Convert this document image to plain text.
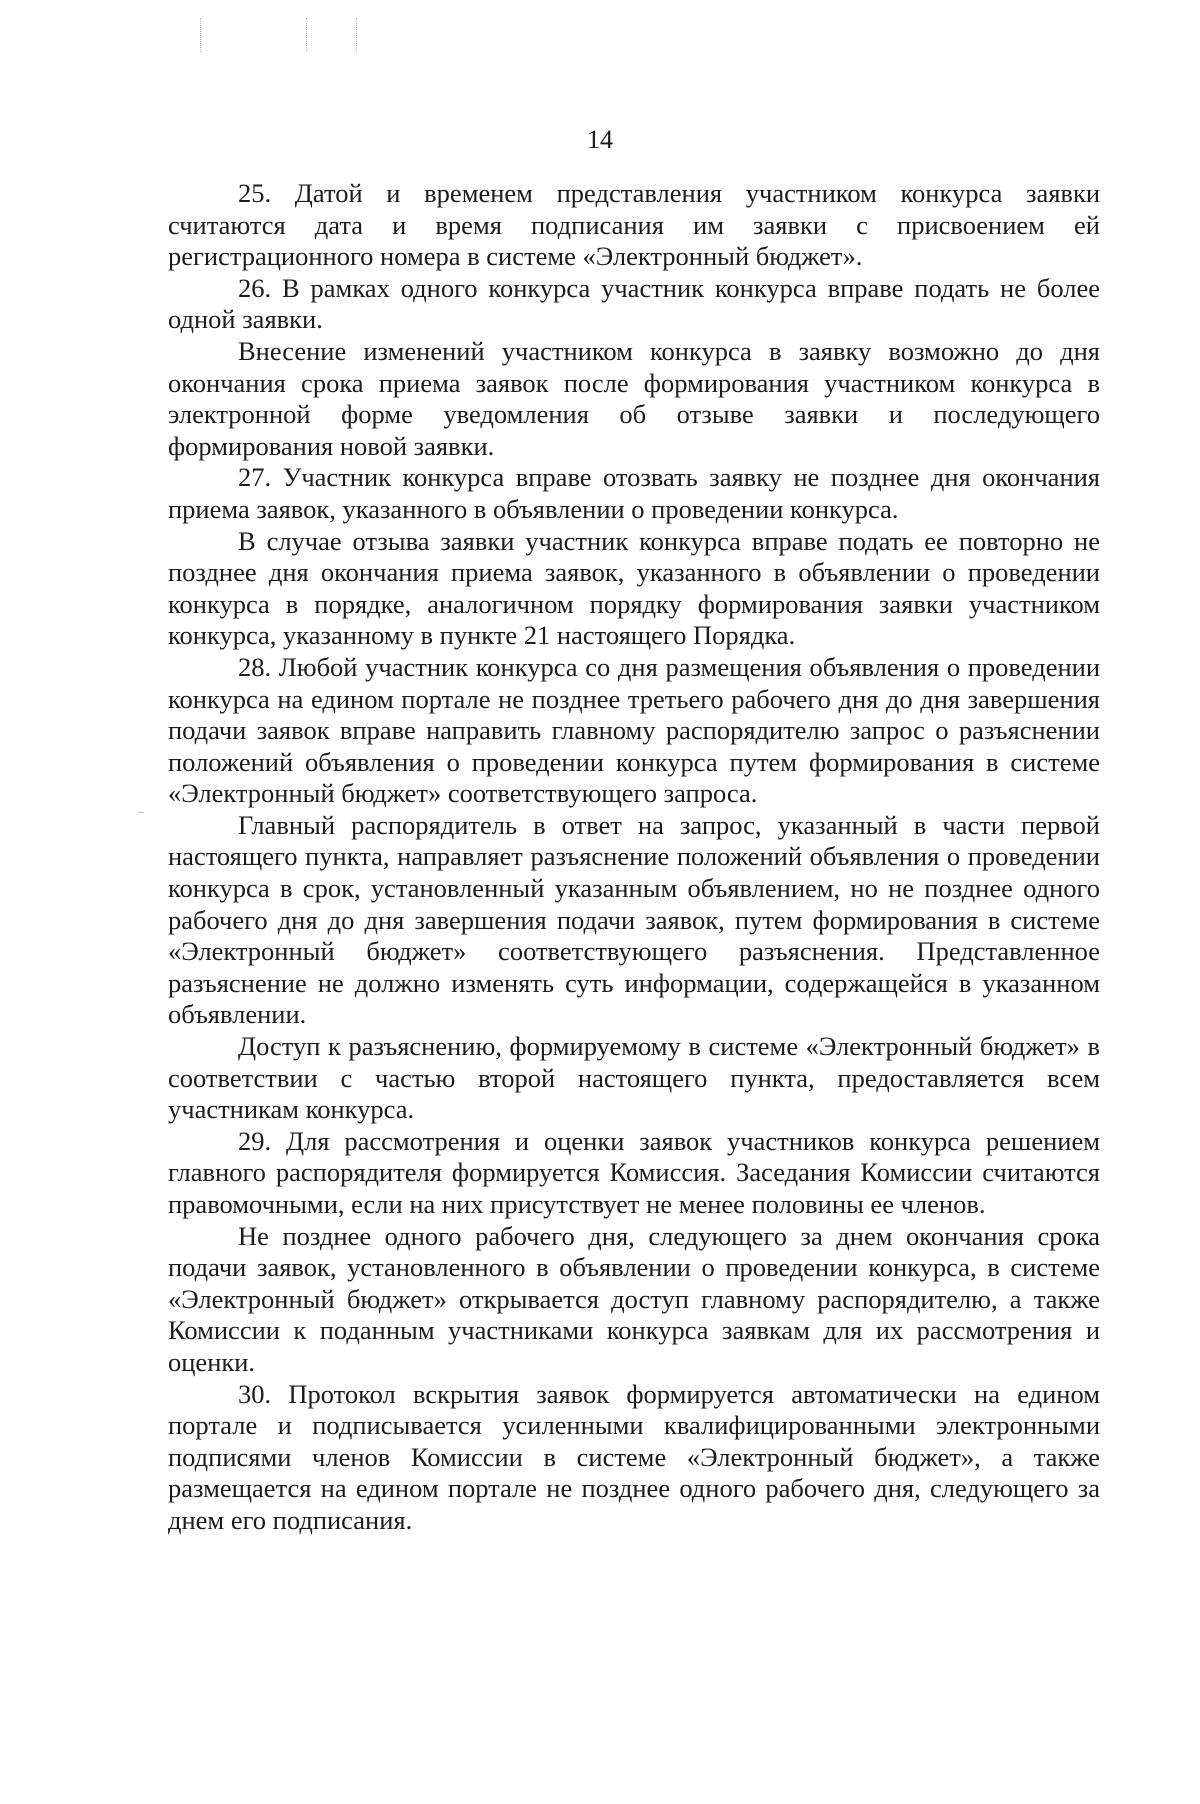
14

25. Датой и временем представления участником конкурса заявки считаются дата и время подписания им заявки с присвоением ей регистрационного номера в системе «Электронный бюджет».

26. В рамках одного конкурса участник конкурса вправе подать не более одной заявки.

Внесение изменений участником конкурса в заявку возможно до дня окончания срока приема заявок после формирования участником конкурса в электронной форме уведомления об отзыве заявки и последующего формирования новой заявки.

27. Участник конкурса вправе отозвать заявку не позднее дня окончания приема заявок, указанного в объявлении о проведении конкурса.

В случае отзыва заявки участник конкурса вправе подать ее повторно не позднее дня окончания приема заявок, указанного в объявлении о проведении конкурса в порядке, аналогичном порядку формирования заявки участником конкурса, указанному в пункте 21 настоящего Порядка.

28. Любой участник конкурса со дня размещения объявления о проведении конкурса на едином портале не позднее третьего рабочего дня до дня завершения подачи заявок вправе направить главному распорядителю запрос о разъяснении положений объявления о проведении конкурса путем формирования в системе «Электронный бюджет» соответствующего запроса.

Главный распорядитель в ответ на запрос, указанный в части первой настоящего пункта, направляет разъяснение положений объявления о проведении конкурса в срок, установленный указанным объявлением, но не позднее одного рабочего дня до дня завершения подачи заявок, путем формирования в системе «Электронный бюджет» соответствующего разъяснения. Представленное разъяснение не должно изменять суть информации, содержащейся в указанном объявлении.

Доступ к разъяснению, формируемому в системе «Электронный бюджет» в соответствии с частью второй настоящего пункта, предоставляется всем участникам конкурса.

29. Для рассмотрения и оценки заявок участников конкурса решением главного распорядителя формируется Комиссия. Заседания Комиссии считаются правомочными, если на них присутствует не менее половины ее членов.

Не позднее одного рабочего дня, следующего за днем окончания срока подачи заявок, установленного в объявлении о проведении конкурса, в системе «Электронный бюджет» открывается доступ главному распорядителю, а также Комиссии к поданным участниками конкурса заявкам для их рассмотрения и оценки.

30. Протокол вскрытия заявок формируется автоматически на едином портале и подписывается усиленными квалифицированными электронными подписями членов Комиссии в системе «Электронный бюджет», а также размещается на едином портале не позднее одного рабочего дня, следующего за днем его подписания.
